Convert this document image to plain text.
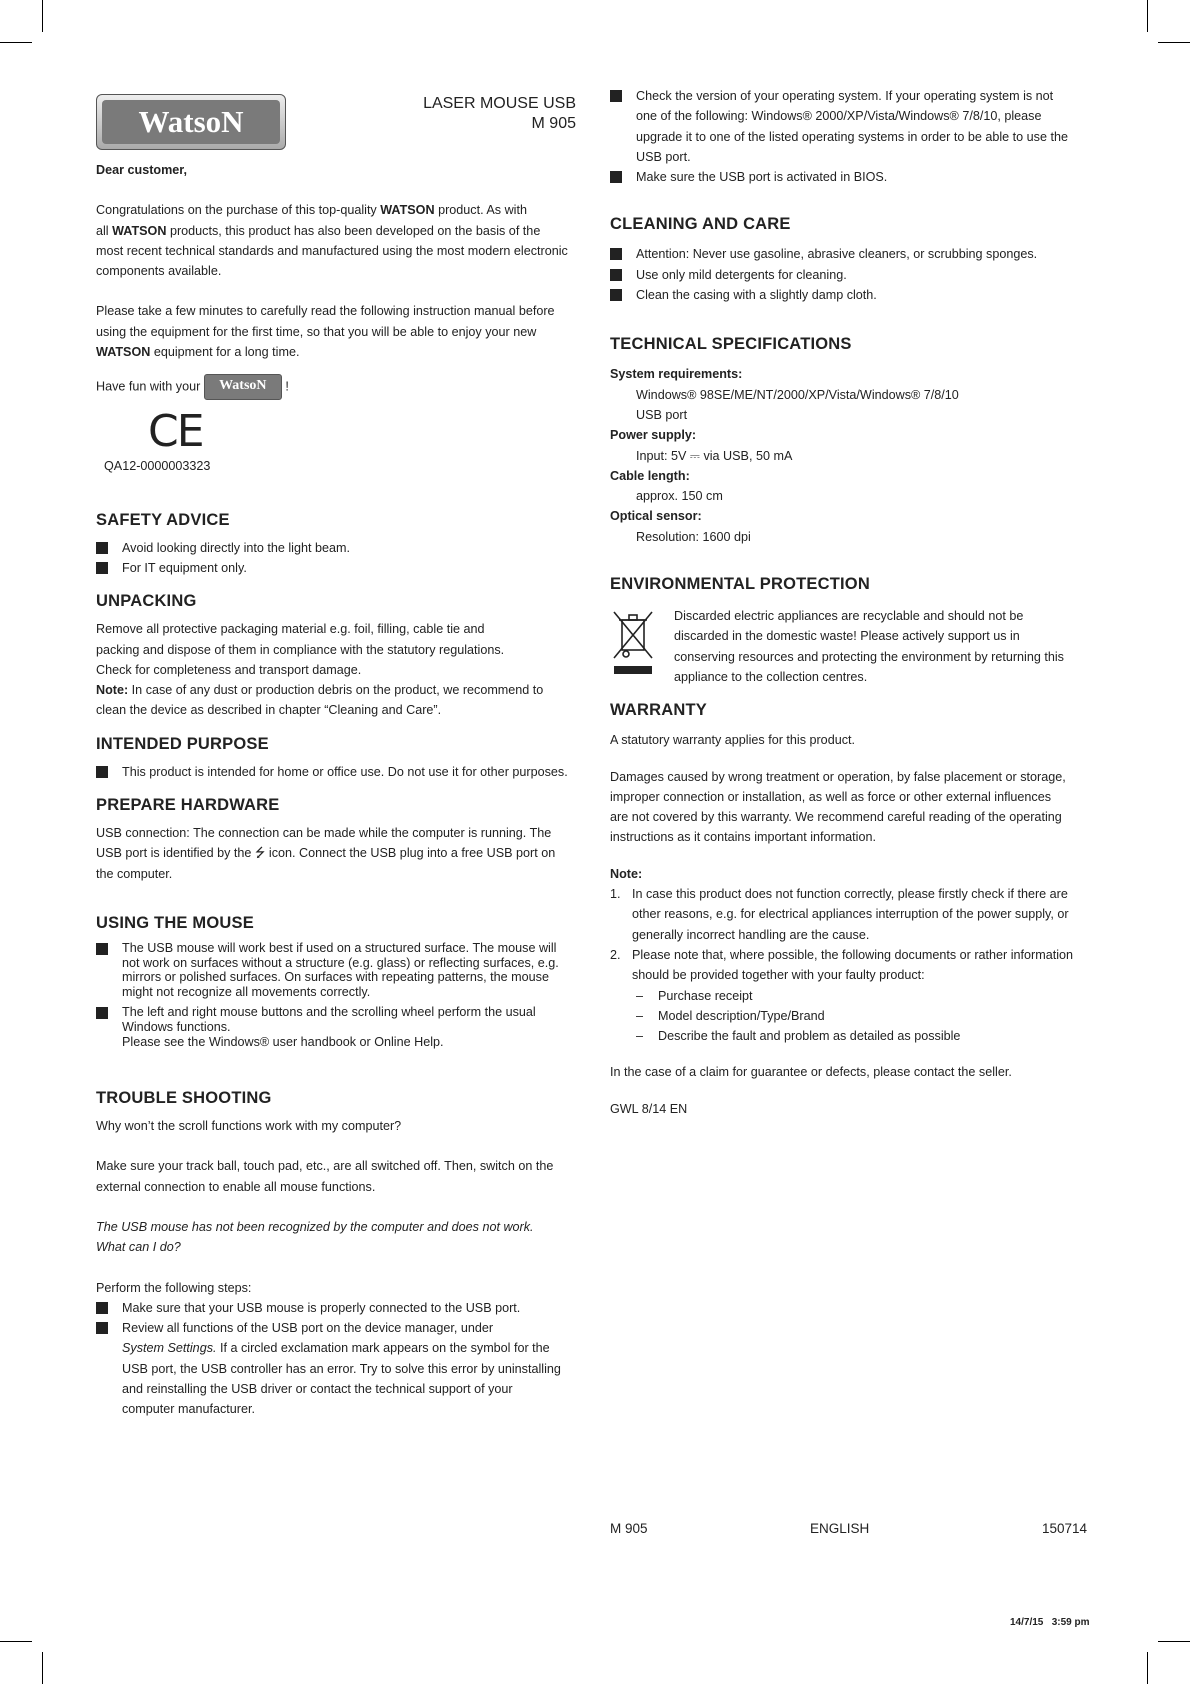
WatsoN
LASER MOUSE USB
M 905

Dear customer,

Congratulations on the purchase of this top-quality WATSON product. As with
all WATSON products, this product has also been developed on the basis of the
most recent technical standards and manufactured using the most modern electronic
components available.

Please take a few minutes to carefully read the following instruction manual before
using the equipment for the first time, so that you will be able to enjoy your new
WATSON equipment for a long time.

Have fun with your WatsoN !

CE

QA12-0000003323

SAFETY ADVICE

Avoid looking directly into the light beam.
For IT equipment only.

UNPACKING

Remove all protective packaging material e.g. foil, filling, cable tie and
packing and dispose of them in compliance with the statutory regulations.
Check for completeness and transport damage.
Note: In case of any dust or production debris on the product, we recommend to
clean the device as described in chapter “Cleaning and Care”.

INTENDED PURPOSE

This product is intended for home or office use. Do not use it for other purposes.

PREPARE HARDWARE

USB connection: The connection can be made while the computer is running. The
USB port is identified by the ⭍ icon. Connect the USB plug into a free USB port on
the computer.

USING THE MOUSE

The USB mouse will work best if used on a structured surface. The mouse will
not work on surfaces without a structure (e.g. glass) or reflecting surfaces, e.g.
mirrors or polished surfaces. On surfaces with repeating patterns, the mouse
might not recognize all movements correctly.
The left and right mouse buttons and the scrolling wheel perform the usual
Windows functions.
Please see the Windows® user handbook or Online Help.

TROUBLE SHOOTING

Why won’t the scroll functions work with my computer?

Make sure your track ball, touch pad, etc., are all switched off. Then, switch on the
external connection to enable all mouse functions.

The USB mouse has not been recognized by the computer and does not work.
What can I do?

Perform the following steps:

Make sure that your USB mouse is properly connected to the USB port.
Review all functions of the USB port on the device manager, under
System Settings. If a circled exclamation mark appears on the symbol for the
USB port, the USB controller has an error. Try to solve this error by uninstalling
and reinstalling the USB driver or contact the technical support of your
computer manufacturer.
Check the version of your operating system. If your operating system is not
one of the following: Windows® 2000/XP/Vista/Windows® 7/8/10, please
upgrade it to one of the listed operating systems in order to be able to use the
USB port.
Make sure the USB port is activated in BIOS.

CLEANING AND CARE

Attention: Never use gasoline, abrasive cleaners, or scrubbing sponges.
Use only mild detergents for cleaning.
Clean the casing with a slightly damp cloth.

TECHNICAL SPECIFICATIONS

System requirements:

Windows® 98SE/ME/NT/2000/XP/Vista/Windows® 7/8/10

USB port

Power supply:

Input: 5V ⎓ via USB, 50 mA

Cable length:

approx. 150 cm

Optical sensor:

Resolution: 1600 dpi

ENVIRONMENTAL PROTECTION

Discarded electric appliances are recyclable and should not be
discarded in the domestic waste! Please actively support us in
conserving resources and protecting the environment by returning this
appliance to the collection centres.

WARRANTY

A statutory warranty applies for this product.

Damages caused by wrong treatment or operation, by false placement or storage,
improper connection or installation, as well as force or other external influences
are not covered by this warranty. We recommend careful reading of the operating
instructions as it contains important information.

Note:

1. In case this product does not function correctly, please firstly check if there are
other reasons, e.g. for electrical appliances interruption of the power supply, or
generally incorrect handling are the cause.
2. Please note that, where possible, the following documents or rather information
should be provided together with your faulty product:
– Purchase receipt
– Model description/Type/Brand
– Describe the fault and problem as detailed as possible

In the case of a claim for guarantee or defects, please contact the seller.

GWL 8/14 EN

M 905	ENGLISH	150714
14/7/15   3:59 pm
